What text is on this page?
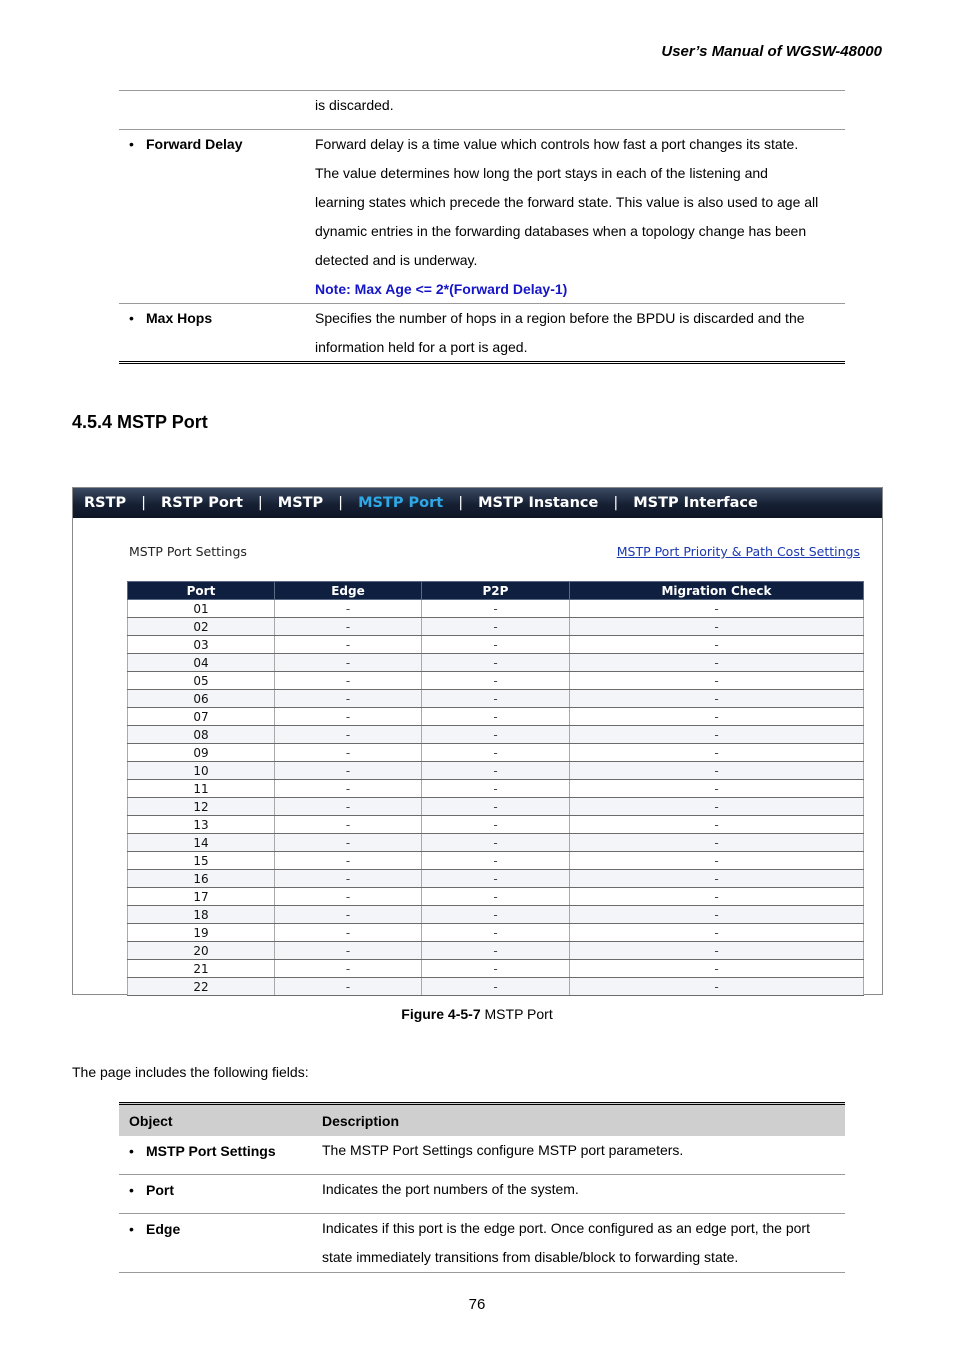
User’s Manual of WGSW-48000
is discarded.
• Forward Delay	Forward delay is a time value which controls how fast a port changes its state.
The value determines how long the port stays in each of the listening and
learning states which precede the forward state. This value is also used to age all
dynamic entries in the forwarding databases when a topology change has been
detected and is underway.
Note: Max Age <= 2*(Forward Delay-1)
• Max Hops	Specifies the number of hops in a region before the BPDU is discarded and the
information held for a port is aged.
4.5.4 MSTP Port
RSTP | RSTP Port | MSTP | MSTP Port | MSTP Instance | MSTP Interface
MSTP Port Settings	MSTP Port Priority & Path Cost Settings
Port	Edge	P2P	Migration Check
01	-	-	-
02	-	-	-
03	-	-	-
04	-	-	-
05	-	-	-
06	-	-	-
07	-	-	-
08	-	-	-
09	-	-	-
10	-	-	-
11	-	-	-
12	-	-	-
13	-	-	-
14	-	-	-
15	-	-	-
16	-	-	-
17	-	-	-
18	-	-	-
19	-	-	-
20	-	-	-
21	-	-	-
22	-	-	-
Figure 4-5-7 MSTP Port
The page includes the following fields:
Object	Description
• MSTP Port Settings	The MSTP Port Settings configure MSTP port parameters.
• Port	Indicates the port numbers of the system.
• Edge	Indicates if this port is the edge port. Once configured as an edge port, the port
state immediately transitions from disable/block to forwarding state.
76
